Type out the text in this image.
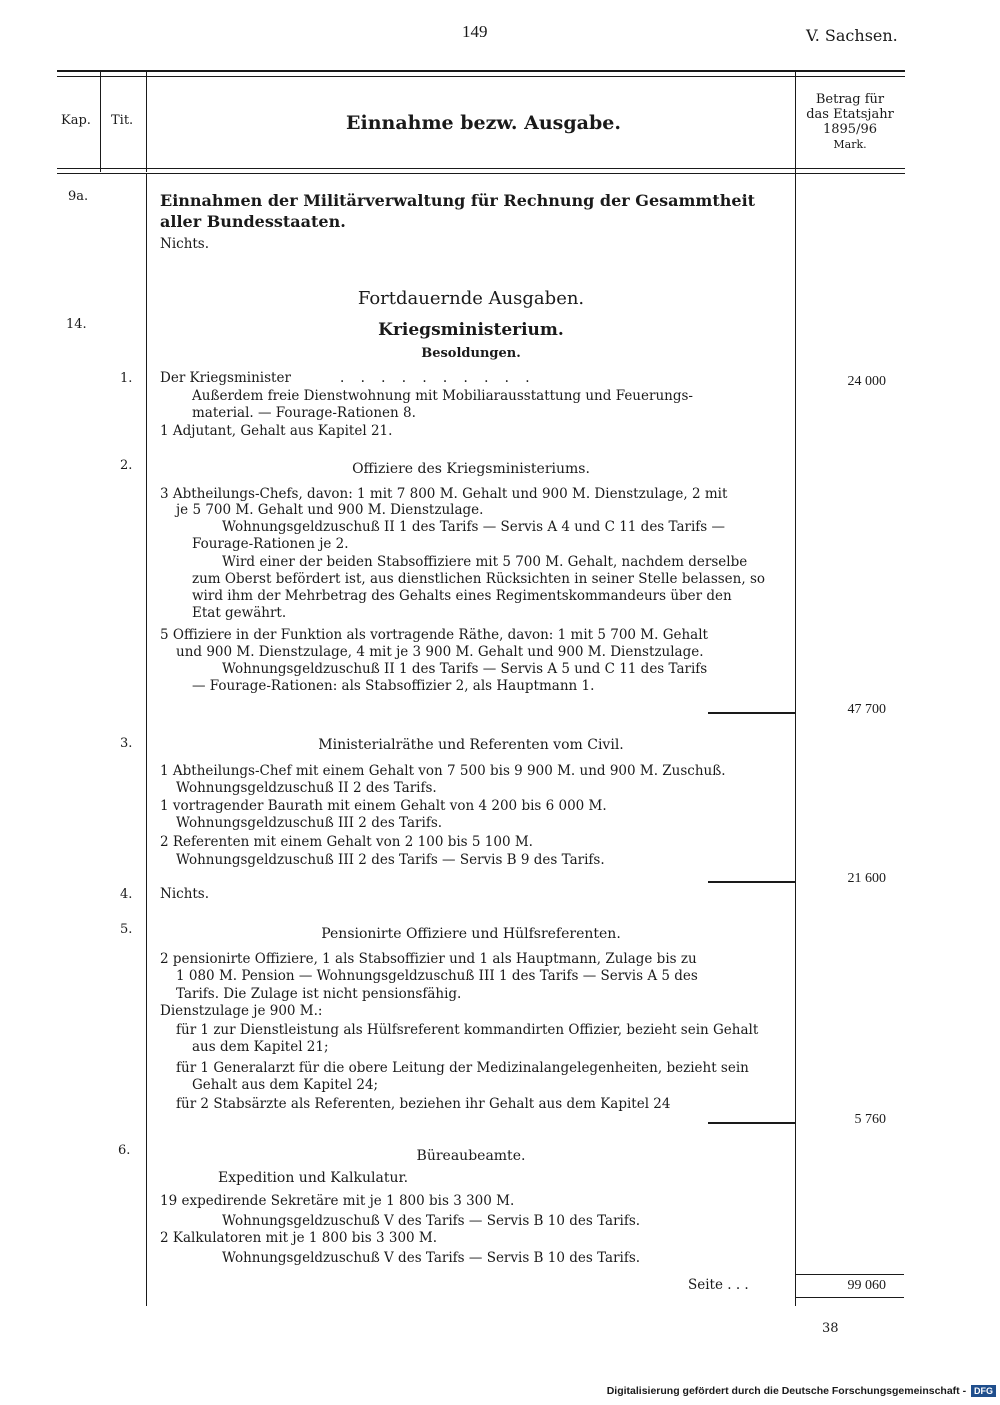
149	V. Sachsen.
Kap. Tit.	Einnahme bezw. Ausgabe.
Betrag für
das Etatsjahr
1895/96
Mark.
9a.	Einnahmen der Militärverwaltung für Rechnung der Gesammtheit aller Bundesstaaten.
Nichts.
Fortdauernde Ausgaben.
14.	Kriegsministerium.
Besoldungen.
1. Der Kriegsminister	. . . . . . . . . .
Außerdem freie Dienstwohnung mit Mobiliarausstattung und Feuerungs-
material. — Fourage-Rationen 8.
1 Adjutant, Gehalt aus Kapitel 21.
24 000
2.	Offiziere des Kriegsministeriums.
3 Abtheilungs-Chefs, davon: 1 mit 7 800 M. Gehalt und 900 M. Dienstzulage, 2 mit
je 5 700 M. Gehalt und 900 M. Dienstzulage.
Wohnungsgeldzuschuß II 1 des Tarifs — Servis A 4 und C 11 des Tarifs —
Fourage-Rationen je 2.
Wird einer der beiden Stabsoffiziere mit 5 700 M. Gehalt, nachdem derselbe
zum Oberst befördert ist, aus dienstlichen Rücksichten in seiner Stelle belassen, so
wird ihm der Mehrbetrag des Gehalts eines Regimentskommandeurs über den
Etat gewährt.
5 Offiziere in der Funktion als vortragende Räthe, davon: 1 mit 5 700 M. Gehalt
und 900 M. Dienstzulage, 4 mit je 3 900 M. Gehalt und 900 M. Dienstzulage.
Wohnungsgeldzuschuß II 1 des Tarifs — Servis A 5 und C 11 des Tarifs
— Fourage-Rationen: als Stabsoffizier 2, als Hauptmann 1.
47 700
3.	Ministerialräthe und Referenten vom Civil.
1 Abtheilungs-Chef mit einem Gehalt von 7 500 bis 9 900 M. und 900 M. Zuschuß.
Wohnungsgeldzuschuß II 2 des Tarifs.
1 vortragender Baurath mit einem Gehalt von 4 200 bis 6 000 M.
Wohnungsgeldzuschuß III 2 des Tarifs.
2 Referenten mit einem Gehalt von 2 100 bis 5 100 M.
Wohnungsgeldzuschuß III 2 des Tarifs — Servis B 9 des Tarifs.
21 600
4. Nichts.
5.	Pensionirte Offiziere und Hülfsreferenten.
2 pensionirte Offiziere, 1 als Stabsoffizier und 1 als Hauptmann, Zulage bis zu
1 080 M. Pension — Wohnungsgeldzuschuß III 1 des Tarifs — Servis A 5 des
Tarifs. Die Zulage ist nicht pensionsfähig.
Dienstzulage je 900 M.:
für 1 zur Dienstleistung als Hülfsreferent kommandirten Offizier, bezieht sein Gehalt
aus dem Kapitel 21;
für 1 Generalarzt für die obere Leitung der Medizinalangelegenheiten, bezieht sein
Gehalt aus dem Kapitel 24;
für 2 Stabsärzte als Referenten, beziehen ihr Gehalt aus dem Kapitel 24
5 760
6.	Büreaubeamte.
Expedition und Kalkulatur.
19 expedirende Sekretäre mit je 1 800 bis 3 300 M.
Wohnungsgeldzuschuß V des Tarifs — Servis B 10 des Tarifs.
2 Kalkulatoren mit je 1 800 bis 3 300 M.
Wohnungsgeldzuschuß V des Tarifs — Servis B 10 des Tarifs.
Seite . . .	99 060
38
Digitalisierung gefördert durch die Deutsche Forschungsgemeinschaft - DFG
